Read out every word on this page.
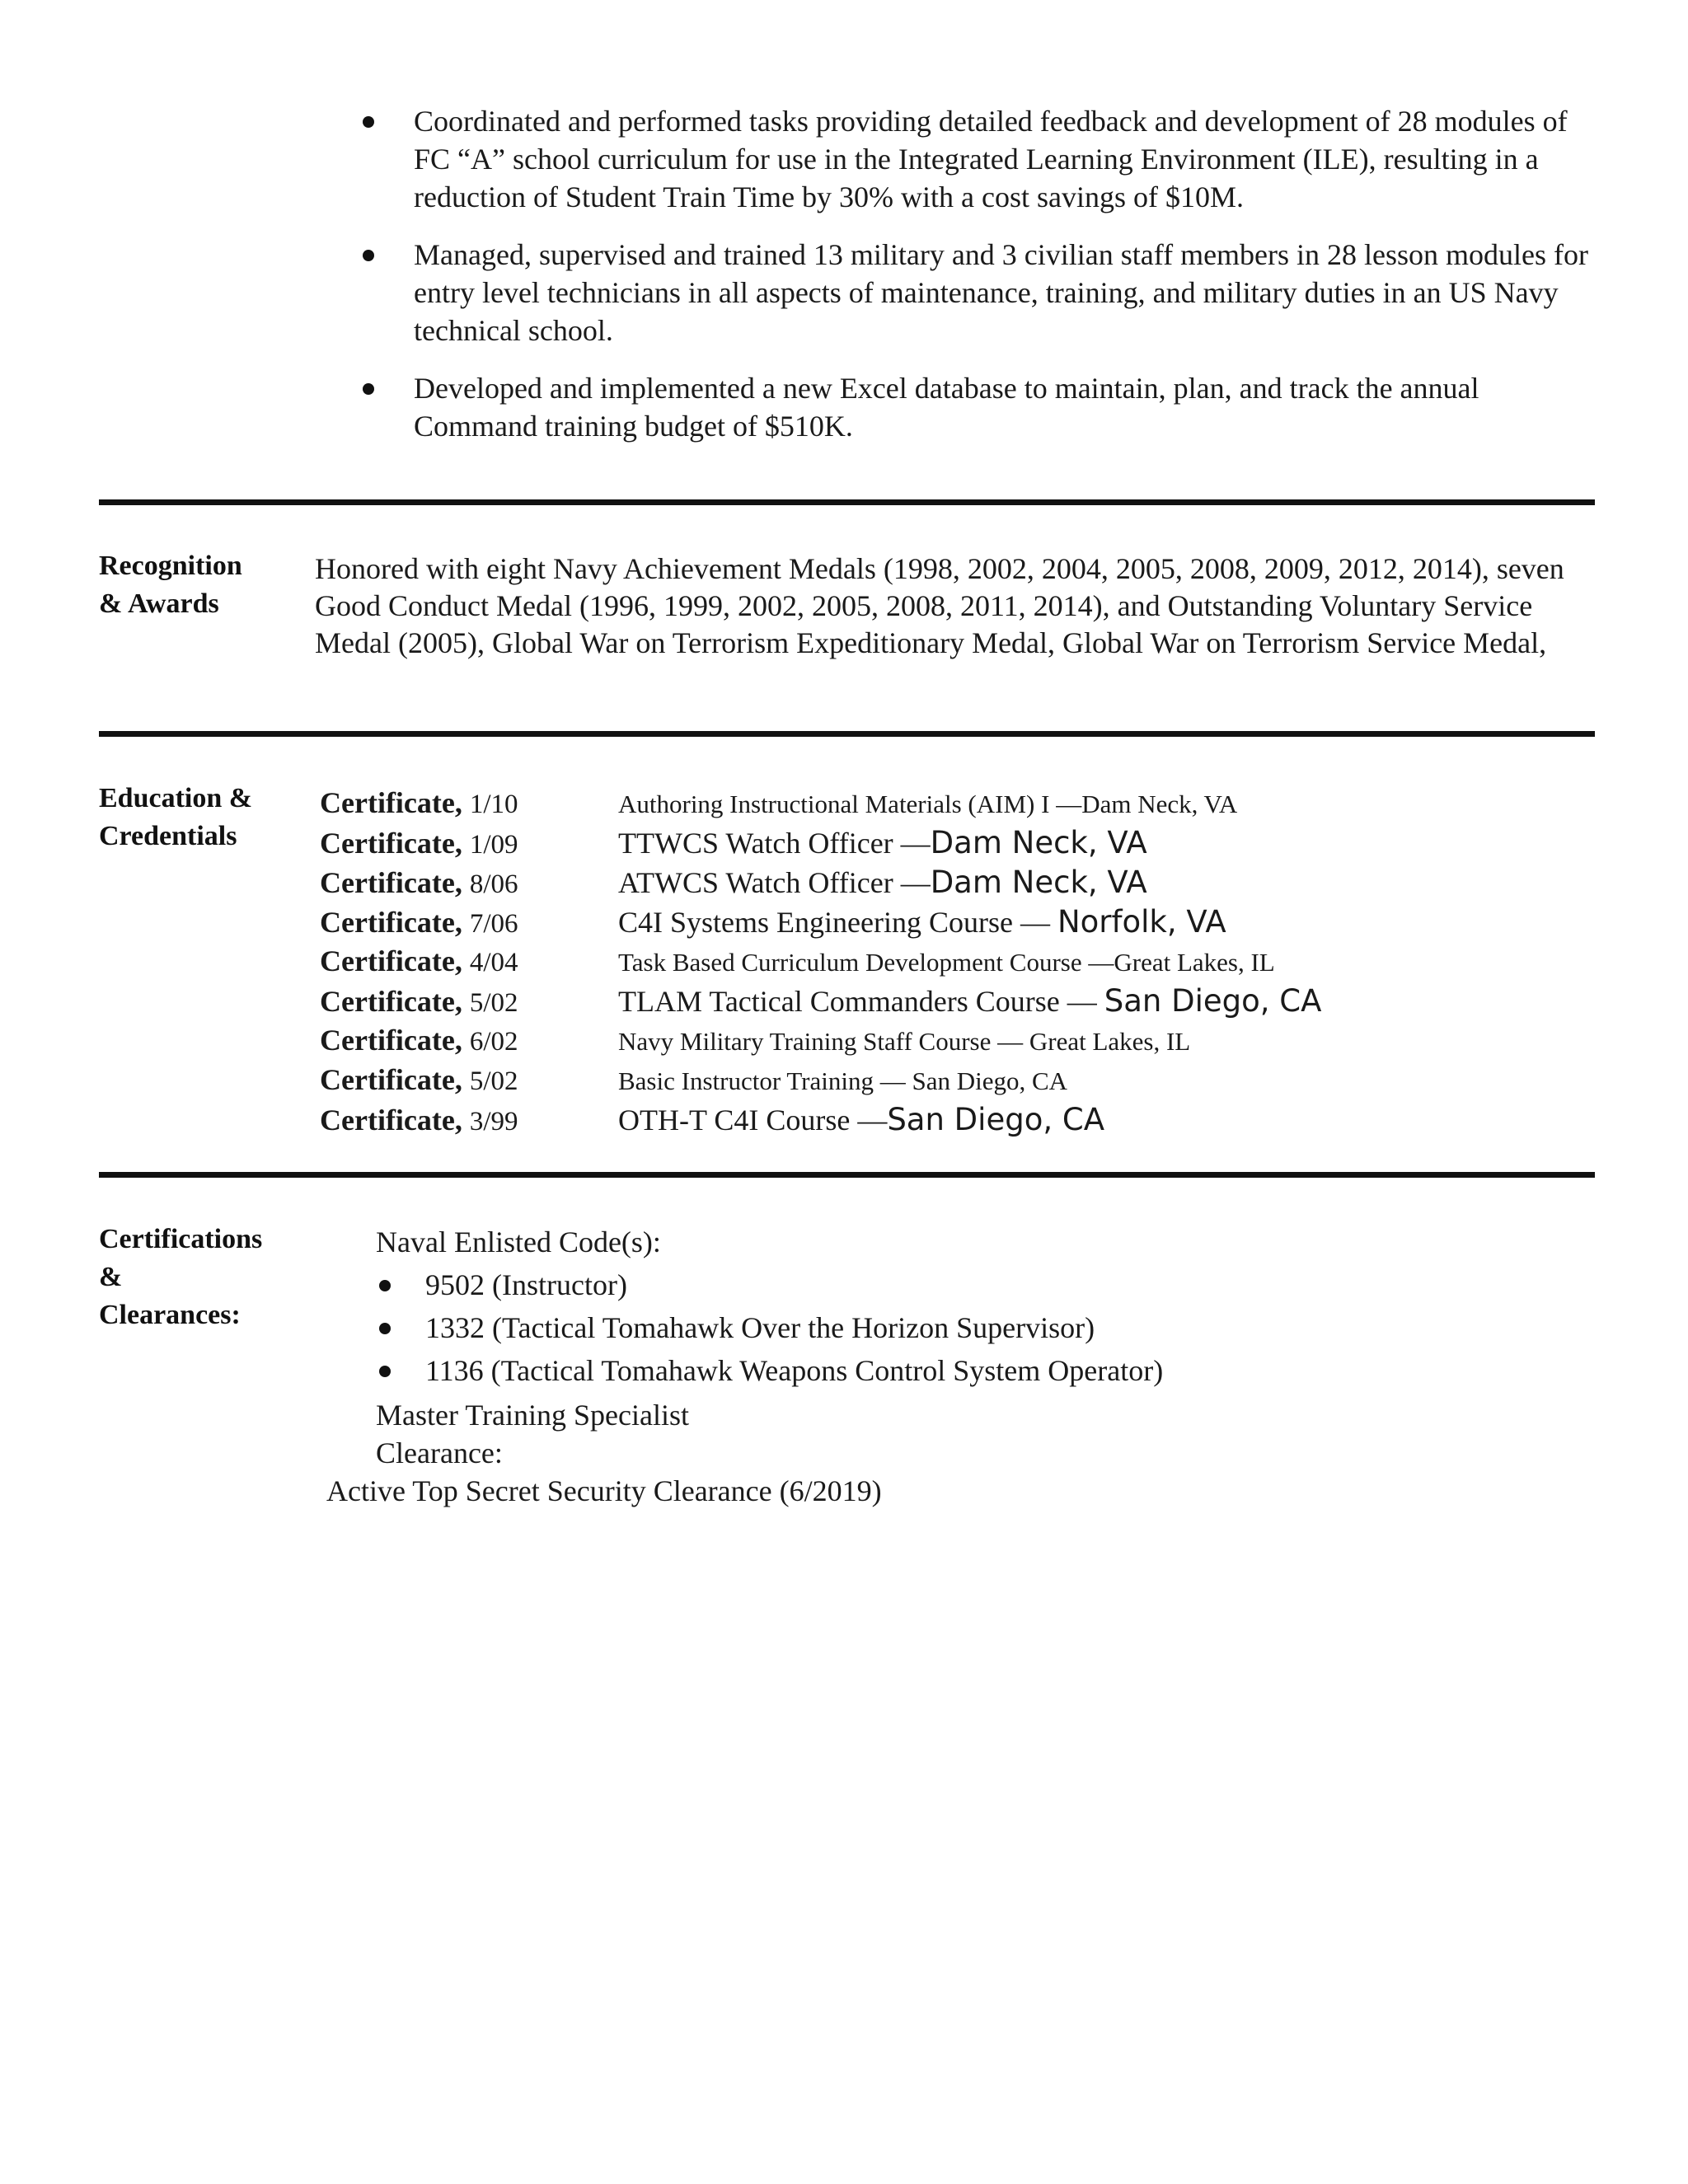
Coordinated and performed tasks providing detailed feedback and development of 28 modules of FC “A” school curriculum for use in the Integrated Learning Environment (ILE), resulting in a reduction of Student Train Time by 30% with a cost savings of $10M.
Managed, supervised and trained 13 military and 3 civilian staff members in 28 lesson modules for entry level technicians in all aspects of maintenance, training, and military duties in an US Navy technical school.
Developed and implemented a new Excel database to maintain, plan, and track the annual Command training budget of $510K.
Recognition
& Awards
Honored with eight Navy Achievement Medals (1998, 2002, 2004, 2005, 2008, 2009, 2012, 2014), seven Good Conduct Medal (1996, 1999, 2002, 2005, 2008, 2011, 2014), and Outstanding Voluntary Service Medal (2005), Global War on Terrorism Expeditionary Medal, Global War on Terrorism Service Medal,
Education &
Credentials
Certificate, 1/10	Authoring Instructional Materials (AIM) I —Dam Neck, VA
Certificate, 1/09	TTWCS Watch Officer —Dam Neck, VA
Certificate, 8/06	ATWCS Watch Officer —Dam Neck, VA
Certificate, 7/06	C4I Systems Engineering Course — Norfolk, VA
Certificate, 4/04	Task Based Curriculum Development Course —Great Lakes, IL
Certificate, 5/02	TLAM Tactical Commanders Course — San Diego, CA
Certificate, 6/02	Navy Military Training Staff Course — Great Lakes, IL
Certificate, 5/02	Basic Instructor Training — San Diego, CA
Certificate, 3/99	OTH-T C4I Course —San Diego, CA
Certifications
&
Clearances:
Naval Enlisted Code(s):
9502 (Instructor)
1332 (Tactical Tomahawk Over the Horizon Supervisor)
1136 (Tactical Tomahawk Weapons Control System Operator)
Master Training Specialist
Clearance:
Active Top Secret Security Clearance (6/2019)
